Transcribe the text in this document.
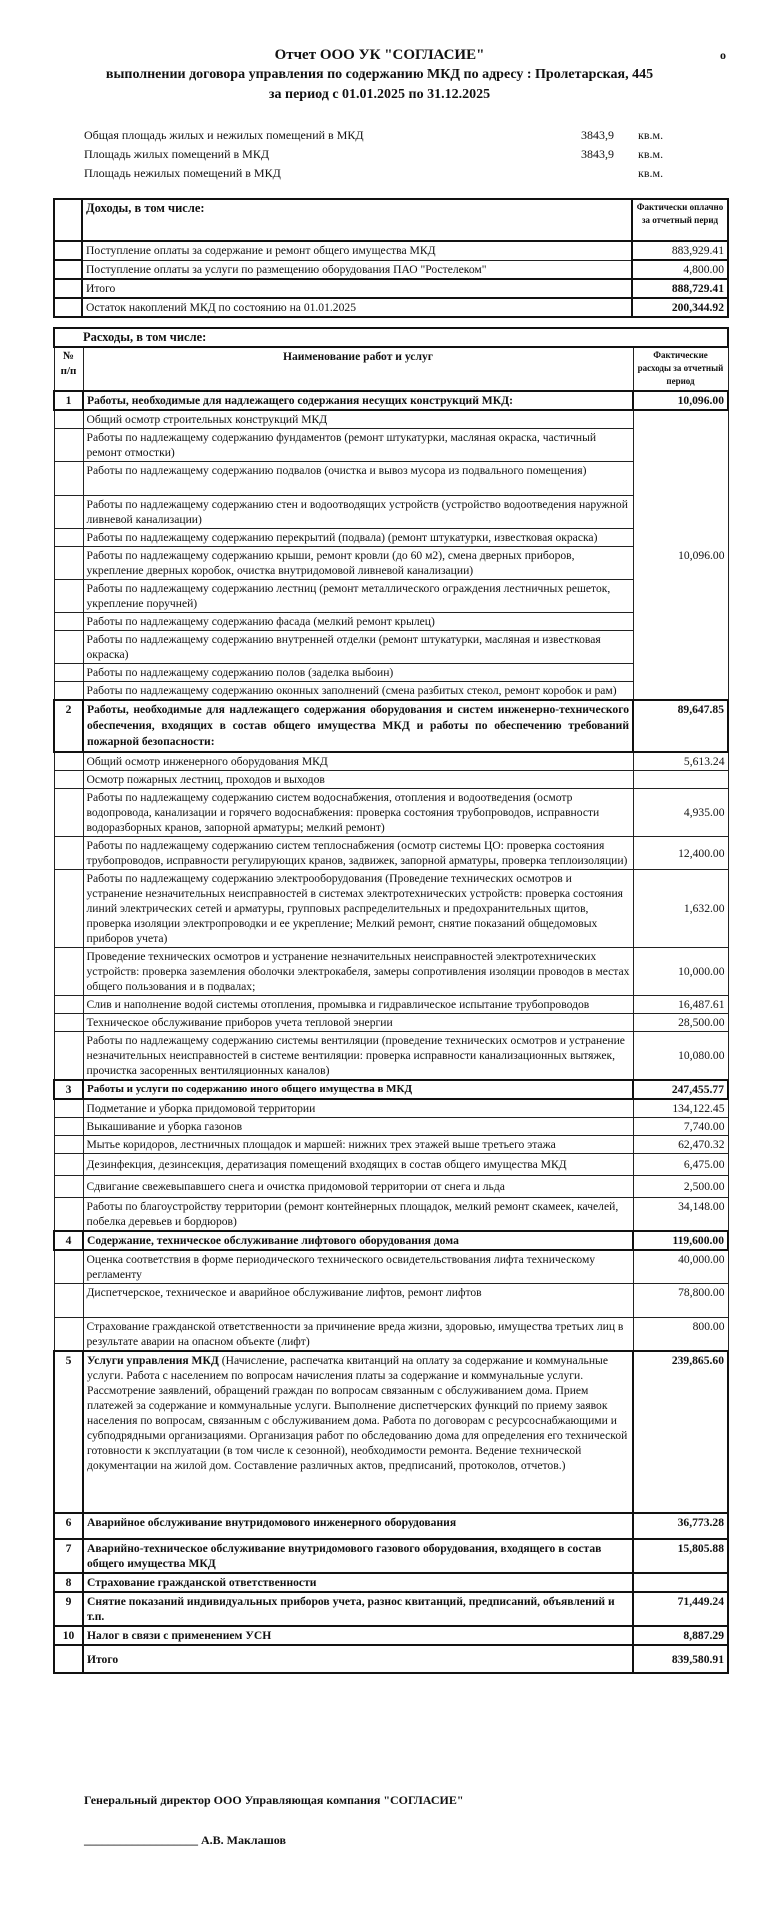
Отчет ООО УК "СОГЛАСИЕ"
выполнении договора управления по содержанию МКД по адресу : Пролетарская, 445
за период с 01.01.2025 по 31.12.2025
о
Общая площадь жилых и нежилых помещений в МКД	3843,9 кв.м.
Площадь жилых помещений в МКД	3843,9 кв.м.
Площадь нежилых помещений в МКД	кв.м.
	Доходы, в том числе:	Фактически оплачно за отчетный перид
	Поступление оплаты за содержание и ремонт общего имущества МКД	883,929.41
	Поступление оплаты за услуги по размещению оборудования ПАО "Ростелеком"	4,800.00
	Итого	888,729.41
	Остаток накоплений МКД по состоянию на 01.01.2025	200,344.92
Расходы, в том числе:		
№ п/п	Наименование работ и услуг	Фактические расходы за отчетный период
1	Работы, необходимые для надлежащего содержания несущих конструкций МКД:	10,096.00
	Общий осмотр строительных конструкций МКД	10,096.00
	Работы по надлежащему содержанию фундаментов (ремонт штукатурки, масляная окраска, частичный ремонт отмостки)	
	Работы по надлежащему содержанию подвалов (очистка и вывоз мусора из подвального помещения)	
	Работы по надлежащему содержанию стен и водоотводящих устройств (устройство водоотведения наружной ливневой канализации)	
	Работы по надлежащему содержанию перекрытий (подвала) (ремонт штукатурки, известковая окраска)	
	Работы по надлежащему содержанию крыши, ремонт кровли (до 60 м2), смена дверных приборов, укрепление дверных коробок, очистка внутридомовой ливневой канализации)	
	Работы по надлежащему содержанию лестниц (ремонт металлического ограждения лестничных решеток, укрепление поручней)	
	Работы по надлежащему содержанию фасада (мелкий ремонт крылец)	
	Работы по надлежащему содержанию внутренней отделки (ремонт штукатурки, масляная и известковая окраска)	
	Работы по надлежащему содержанию полов (заделка выбоин)	
	Работы по надлежащему содержанию оконных заполнений (смена разбитых стекол, ремонт коробок и рам)	
2	Работы, необходимые для надлежащего содержания оборудования и систем инженерно-технического обеспечения, входящих в состав общего имущества МКД и работы по обеспечению требований пожарной безопасности:	89,647.85
	Общий осмотр инженерного оборудования МКД	5,613.24
	Осмотр пожарных лестниц, проходов и выходов	
	Работы по надлежащему содержанию систем водоснабжения, отопления и водоотведения (осмотр водопровода, канализации и горячего водоснабжения: проверка состояния трубопроводов, исправности водоразборных кранов, запорной арматуры; мелкий ремонт)	4,935.00
	Работы по надлежащему содержанию систем теплоснабжения (осмотр системы ЦО: проверка состояния трубопроводов, исправности регулирующих кранов, задвижек, запорной арматуры, проверка теплоизоляции)	12,400.00
	Работы по надлежащему содержанию электрооборудования (Проведение технических осмотров и устранение незначительных неисправностей в системах электротехнических устройств: проверка состояния линий электрических сетей и арматуры, групповых распределительных и предохранительных щитов, проверка изоляции электропроводки и ее укрепление; Мелкий ремонт, снятие показаний общедомовых приборов учета)	1,632.00
	Проведение технических осмотров и устранение незначительных неисправностей электротехнических устройств: проверка заземления оболочки электрокабеля, замеры сопротивления изоляции проводов в местах общего пользования и в подвалах;	10,000.00
	Слив и наполнение водой системы отопления, промывка и гидравлическое испытание трубопроводов	16,487.61
	Техническое обслуживание приборов учета тепловой энергии	28,500.00
	Работы по надлежащему содержанию системы вентиляции (проведение технических осмотров и устранение незначительных неисправностей в системе вентиляции: проверка исправности канализационных вытяжек, прочистка засоренных вентиляционных каналов)	10,080.00
3	Работы и услуги по содержанию иного общего имущества в МКД	247,455.77
	Подметание и уборка придомовой территории	134,122.45
	Выкашивание и уборка газонов	7,740.00
	Мытье коридоров, лестничных площадок и маршей: нижних трех этажей выше третьего этажа	62,470.32
	Дезинфекция, дезинсекция, дератизация помещений входящих в состав общего имущества МКД	6,475.00
	Сдвигание свежевыпавшего снега и очистка придомовой территории от снега и льда	2,500.00
	Работы по благоустройству территории (ремонт контейнерных площадок, мелкий ремонт скамеек, качелей, побелка деревьев и бордюров)	34,148.00
4	Содержание, техническое обслуживание лифтового оборудования дома	119,600.00
	Оценка соответствия в форме периодического технического освидетельствования лифта техническому регламенту	40,000.00
	Диспетчерское, техническое и аварийное обслуживание лифтов, ремонт лифтов	78,800.00
	Страхование гражданской ответственности за причинение вреда жизни, здоровью, имущества третьих лиц в результате аварии на опасном объекте (лифт)	800.00
5	Услуги управления МКД (Начисление, распечатка квитанций на оплату за содержание и коммунальные услуги. Работа с населением по вопросам начисления платы за содержание и коммунальные услуги. Рассмотрение заявлений, обращений граждан по вопросам связанным с обслуживанием дома. Прием платежей за содержание и коммунальные услуги. Выполнение диспетчерских функций по приему заявок населения по вопросам, связанным с обслуживанием дома. Работа по договорам с ресурсоснабжающими и субподрядными организациями. Организация работ по обследованию дома для определения его технической готовности к эксплуатации (в том числе к сезонной), необходимости ремонта. Ведение технической документации на жилой дом. Составление различных актов, предписаний, протоколов, отчетов.)	239,865.60
6	Аварийное обслуживание внутридомового инженерного оборудования	36,773.28
7	Аварийно-техническое обслуживание внутридомового газового оборудования, входящего в состав общего имущества МКД	15,805.88
8	Страхование гражданской ответственности	
9	Снятие показаний индивидуальных приборов учета, разнос квитанций, предписаний, объявлений и т.п.	71,449.24
10	Налог в связи с применением УСН	8,887.29
	Итого	839,580.91
Генеральный директор ООО Управляющая компания "СОГЛАСИЕ"
___________________ А.В. Маклашов
